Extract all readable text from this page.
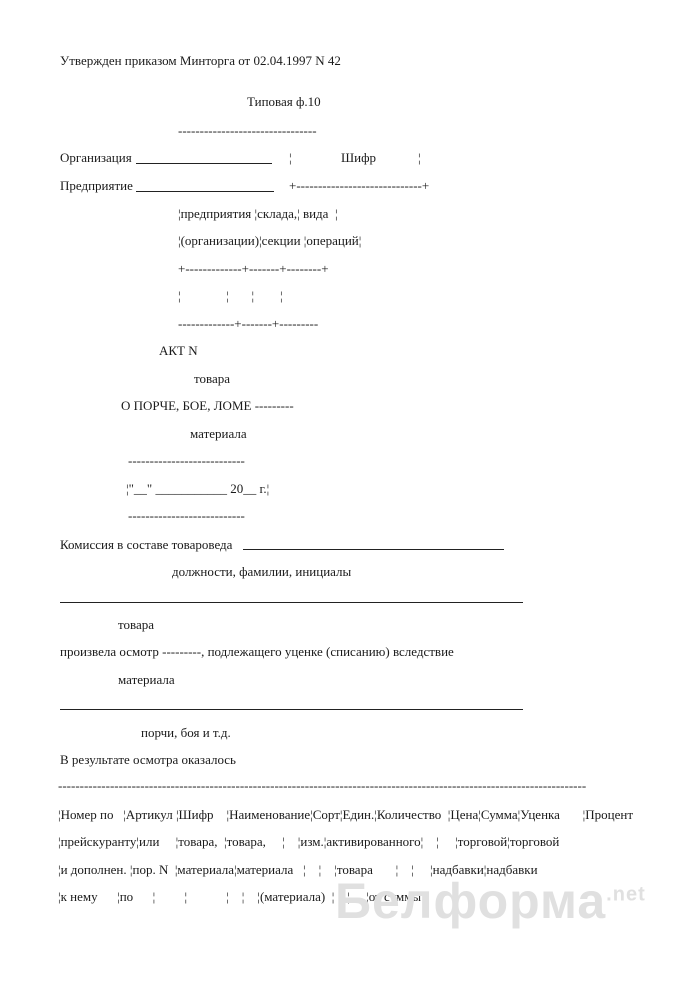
Утвержден приказом Минторга от 02.04.1997 N 42
Типовая ф.10
--------------------------------
Организация	¦	Шифр	¦
Предприятие	+-----------------------------+
¦предприятия ¦склада,¦ вида  ¦
¦(организации)¦секции ¦операций¦
+-------------+-------+--------+
¦              ¦       ¦        ¦
-------------+-------+---------
АКТ N
товара
О ПОРЧЕ, БОЕ, ЛОМЕ ---------
материала
---------------------------
¦"__" ___________ 20__ г.¦
---------------------------
Комиссия в составе товароведа
должности, фамилии, инициалы
товара
произвела осмотр ---------, подлежащего уценке (списанию) вследствие
материала
порчи, боя и т.д.
В результате осмотра оказалось
--------------------------------------------------------------------------------------------------------------------------
¦Номер по   ¦Артикул ¦Шифр    ¦Наименование¦Сорт¦Един.¦Количество  ¦Цена¦Сумма¦Уценка       ¦Процент
¦прейскуранту¦или     ¦товара,  ¦товара,     ¦    ¦изм.¦активированного¦    ¦     ¦торговой¦торговой
¦и дополнен. ¦пор. N  ¦материала¦материала   ¦    ¦    ¦товара       ¦    ¦     ¦надбавки¦надбавки
¦к нему      ¦по      ¦         ¦            ¦    ¦    ¦(материала)  ¦    ¦     ¦от суммы
Белформа$^{.net}$
